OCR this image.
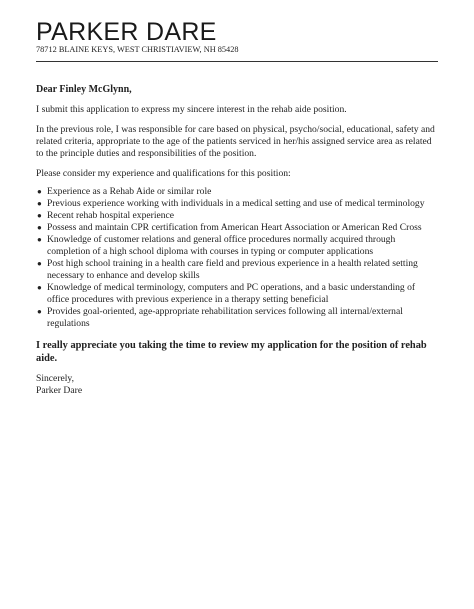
PARKER DARE
78712 BLAINE KEYS, WEST CHRISTIAVIEW, NH 85428

Dear Finley McGlynn,

I submit this application to express my sincere interest in the rehab aide position.

In the previous role, I was responsible for care based on physical, psycho/social, educational, safety and related criteria, appropriate to the age of the patients serviced in her/his assigned service area as related to the principle duties and responsibilities of the position.

Please consider my experience and qualifications for this position:

● Experience as a Rehab Aide or similar role
● Previous experience working with individuals in a medical setting and use of medical terminology
● Recent rehab hospital experience
● Possess and maintain CPR certification from American Heart Association or American Red Cross
● Knowledge of customer relations and general office procedures normally acquired through completion of a high school diploma with courses in typing or computer applications
● Post high school training in a health care field and previous experience in a health related setting necessary to enhance and develop skills
● Knowledge of medical terminology, computers and PC operations, and a basic understanding of office procedures with previous experience in a therapy setting beneficial
● Provides goal-oriented, age-appropriate rehabilitation services following all internal/external regulations

I really appreciate you taking the time to review my application for the position of rehab aide.

Sincerely,

Parker Dare
